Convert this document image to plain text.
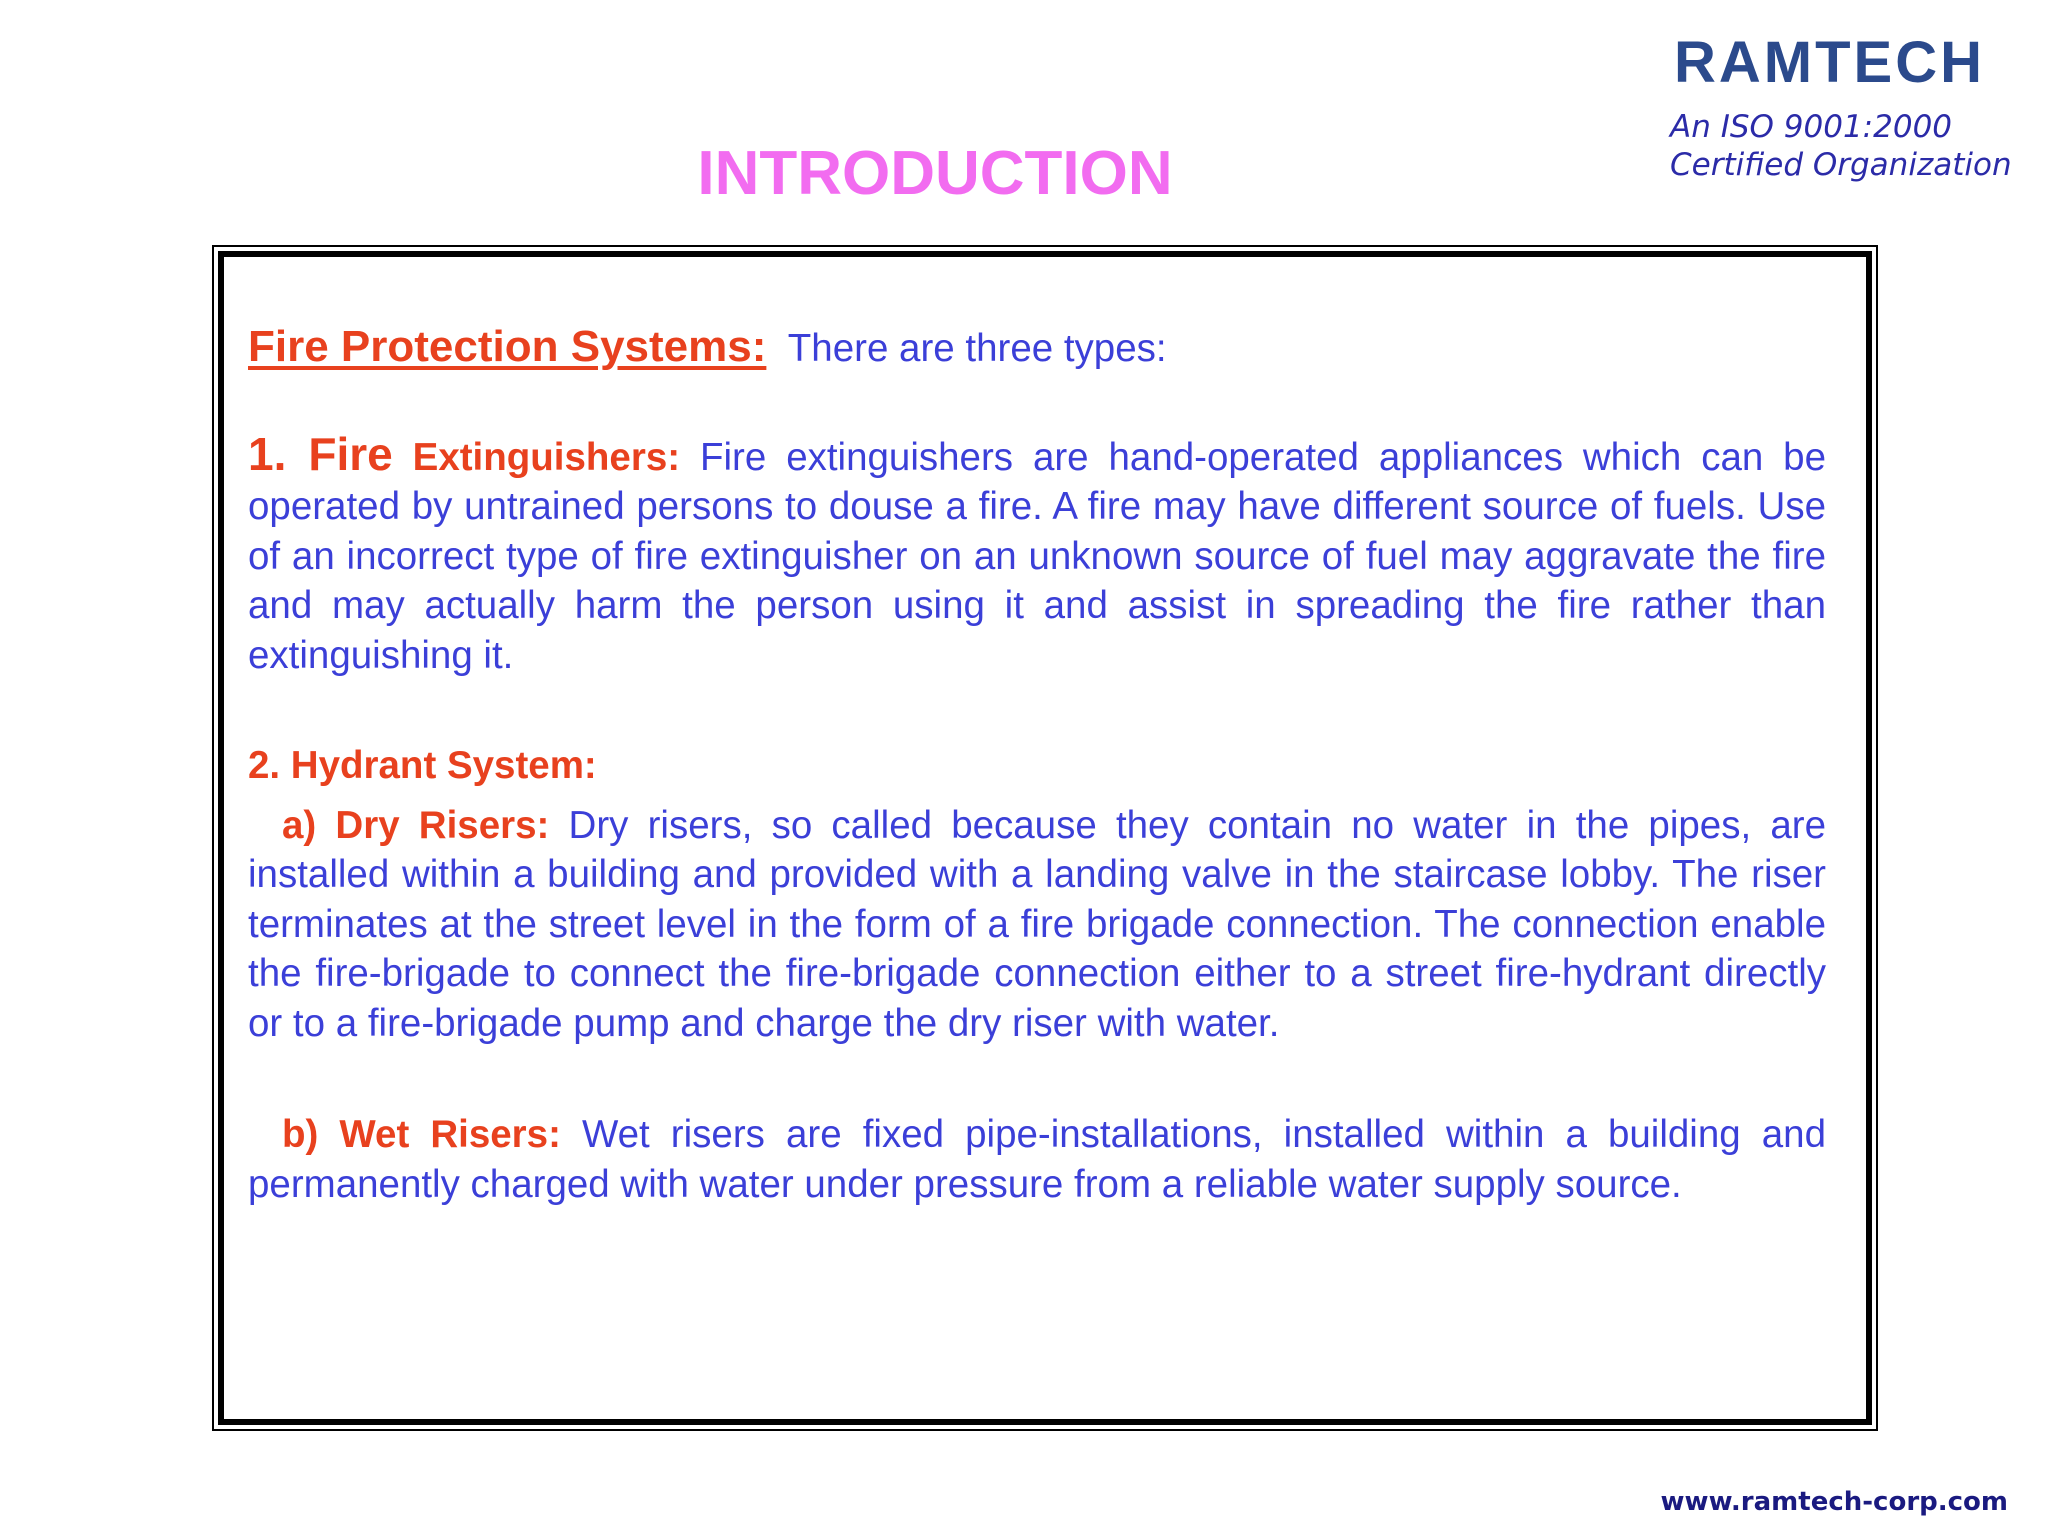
RAMTECH
An ISO 9001:2000
Certified Organization
INTRODUCTION

Fire Protection Systems: There are three types:

1. Fire Extinguishers: Fire extinguishers are hand-operated appliances which can be operated by untrained persons to douse a fire. A fire may have different source of fuels. Use of an incorrect type of fire extinguisher on an unknown source of fuel may aggravate the fire and may actually harm the person using it and assist in spreading the fire rather than extinguishing it.

2. Hydrant System:

a) Dry Risers: Dry risers, so called because they contain no water in the pipes, are installed within a building and provided with a landing valve in the staircase lobby. The riser terminates at the street level in the form of a fire brigade connection. The connection enable the fire-brigade to connect the fire-brigade connection either to a street fire-hydrant directly or to a fire-brigade pump and charge the dry riser with water.

b) Wet Risers: Wet risers are fixed pipe-installations, installed within a building and permanently charged with water under pressure from a reliable water supply source.

www.ramtech-corp.com
